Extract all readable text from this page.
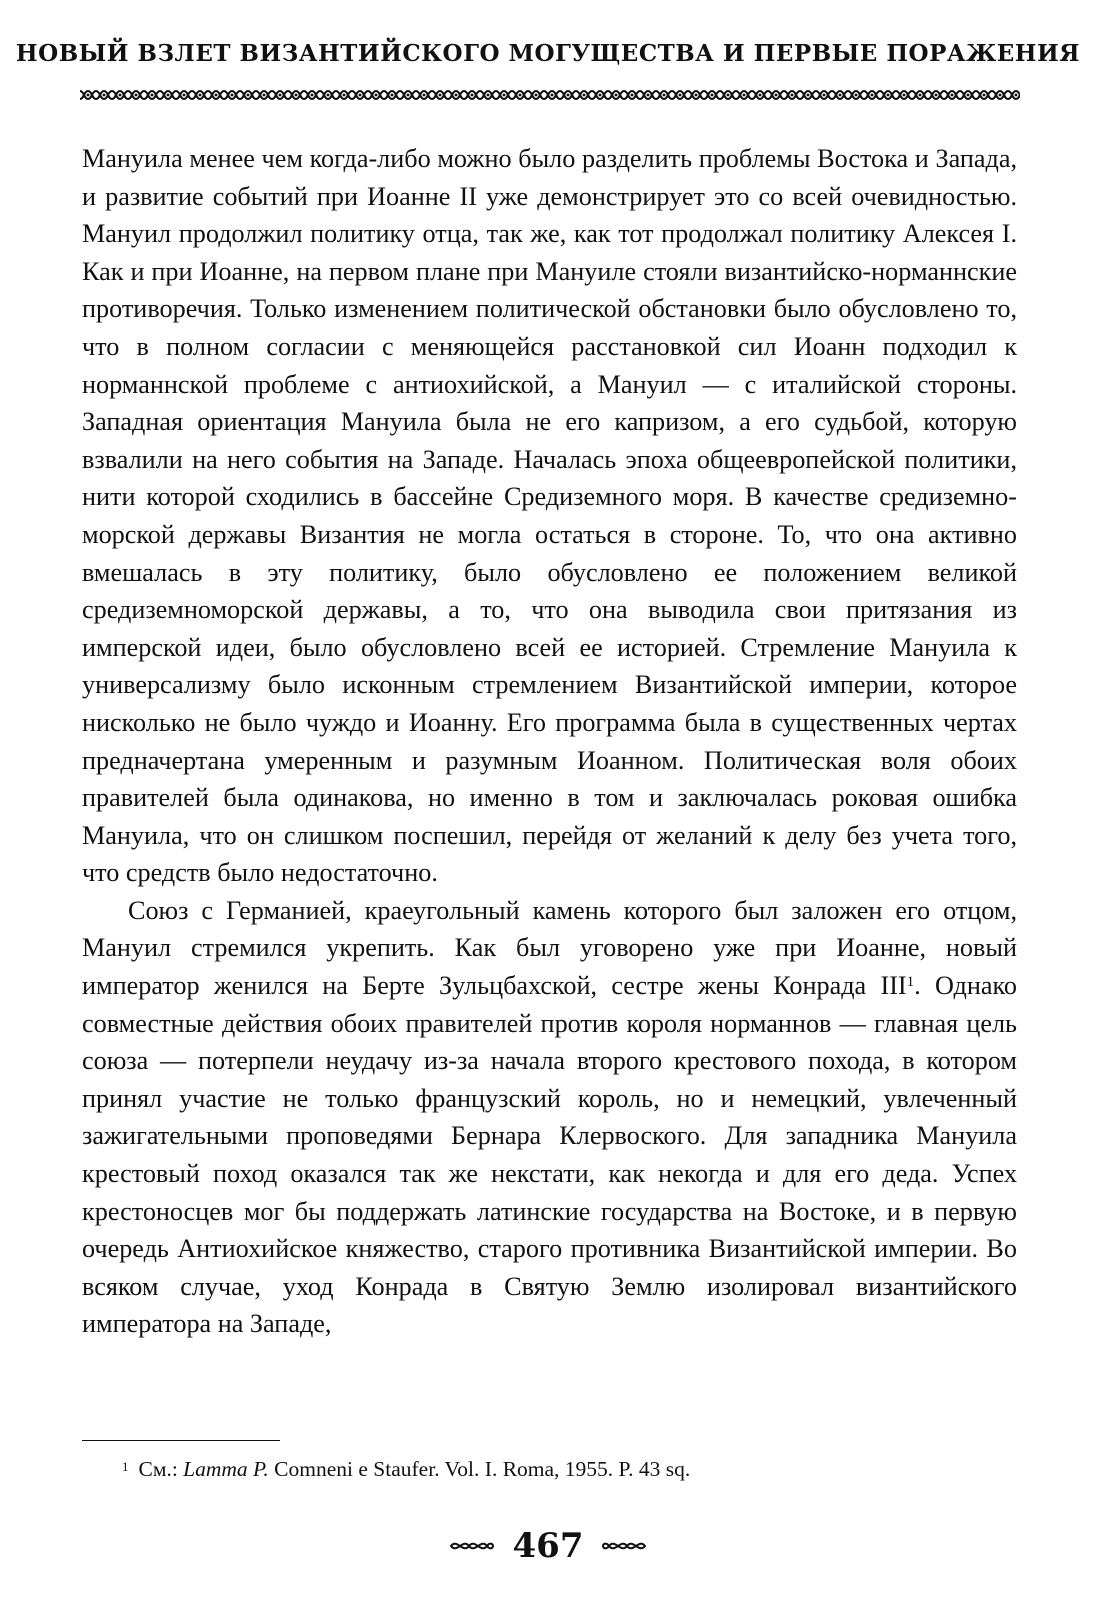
НОВЫЙ ВЗЛЕТ ВИЗАНТИЙСКОГО МОГУЩЕСТВА И ПЕРВЫЕ ПОРАЖЕНИЯ

Мануила менее чем когда-либо можно было разделить проблемы Востока и Запада, и развитие событий при Иоанне II уже демонстрирует это со всей очевидностью. Мануил продолжил политику отца, так же, как тот продолжал политику Алексея I. Как и при Иоанне, на первом плане при Мануиле стояли византийско-норманнские противоречия. Только изменением политической обстановки было обусловлено то, что в полном согласии с меняющейся расстановкой сил Иоанн подходил к норманнской проблеме с антиохийской, а Мануил — с италийской стороны. Западная ориентация Мануила была не его капризом, а его судьбой, которую взвалили на него события на Западе. Началась эпоха общеевропейской политики, нити которой сходились в бассейне Средиземного моря. В качестве средиземноморской державы Византия не могла остаться в стороне. То, что она активно вмешалась в эту политику, было обусловлено ее положением великой средиземноморской державы, а то, что она выводила свои притязания из имперской идеи, было обусловлено всей ее историей. Стремление Мануила к универсализму было исконным стремлением Византийской империи, которое нисколько не было чуждо и Иоанну. Его программа была в существенных чертах предначертана умеренным и разумным Иоанном. Политическая воля обоих правителей была одинакова, но именно в том и заключалась роковая ошибка Мануила, что он слишком поспешил, перейдя от желаний к делу без учета того, что средств было недостаточно.

Союз с Германией, краеугольный камень которого был заложен его отцом, Мануил стремился укрепить. Как был уговорено уже при Иоанне, новый император женился на Берте Зульцбахской, сестре жены Конрада III$^1$. Однако совместные действия обоих правителей против короля норманнов — главная цель союза — потерпели неудачу из-за начала второго крестового похода, в котором принял участие не только французский король, но и немецкий, увлеченный зажигательными проповедями Бернара Клервоского. Для западника Мануила крестовый поход оказался так же некстати, как некогда и для его деда. Успех крестоносцев мог бы поддержать латинские государства на Востоке, и в первую очередь Антиохийское княжество, старого противника Византийской империи. Во всяком случае, уход Конрада в Святую Землю изолировал византийского императора на Западе,

$^1$ См.: Lamma P. Comneni e Staufer. Vol. I. Roma, 1955. P. 43 sq.
467
